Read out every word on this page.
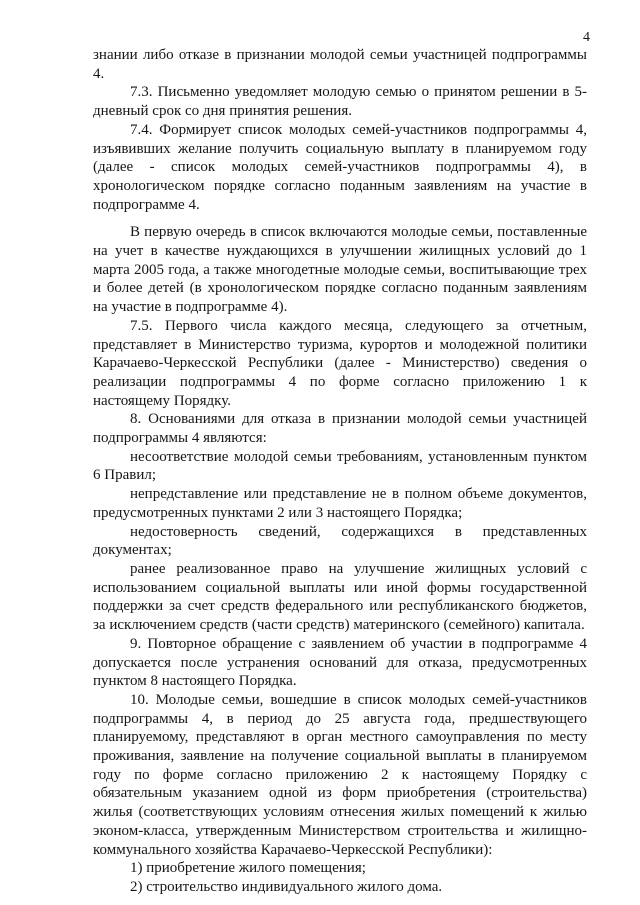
4

знании либо отказе в признании молодой семьи участницей подпрограммы 4.

7.3. Письменно уведомляет молодую семью о принятом решении в 5-дневный срок со дня принятия решения.

7.4. Формирует список молодых семей-участников подпрограммы 4, изъявивших желание получить социальную выплату в планируемом году (далее - список молодых семей-участников подпрограммы 4), в хронологическом порядке согласно поданным заявлениям на участие в подпрограмме 4.

В первую очередь в список включаются молодые семьи, поставленные на учет в качестве нуждающихся в улучшении жилищных условий до 1 марта 2005 года, а также многодетные молодые семьи, воспитывающие трех и более детей (в хронологическом порядке согласно поданным заявлениям на участие в подпрограмме 4).

7.5. Первого числа каждого месяца, следующего за отчетным, представляет в Министерство туризма, курортов и молодежной политики Карачаево-Черкесской Республики (далее - Министерство) сведения о реализации подпрограммы 4 по форме согласно приложению 1 к настоящему Порядку.

8. Основаниями для отказа в признании молодой семьи участницей подпрограммы 4 являются:

несоответствие молодой семьи требованиям, установленным пунктом 6 Правил;

непредставление или представление не в полном объеме документов, предусмотренных пунктами 2 или 3 настоящего Порядка;

недостоверность сведений, содержащихся в представленных документах;

ранее реализованное право на улучшение жилищных условий с использованием социальной выплаты или иной формы государственной поддержки за счет средств федерального или республиканского бюджетов, за исключением средств (части средств) материнского (семейного) капитала.

9. Повторное обращение с заявлением об участии в подпрограмме 4 допускается после устранения оснований для отказа, предусмотренных пунктом 8 настоящего Порядка.

10. Молодые семьи, вошедшие в список молодых семей-участников подпрограммы 4, в период до 25 августа года, предшествующего планируемому, представляют в орган местного самоуправления по месту проживания, заявление на получение социальной выплаты в планируемом году по форме согласно приложению 2 к настоящему Порядку с обязательным указанием одной из форм приобретения (строительства) жилья (соответствующих условиям отнесения жилых помещений к жилью эконом-класса, утвержденным Министерством строительства и жилищно-коммунального хозяйства Карачаево-Черкесской Республики):

1) приобретение жилого помещения;

2) строительство индивидуального жилого дома.
